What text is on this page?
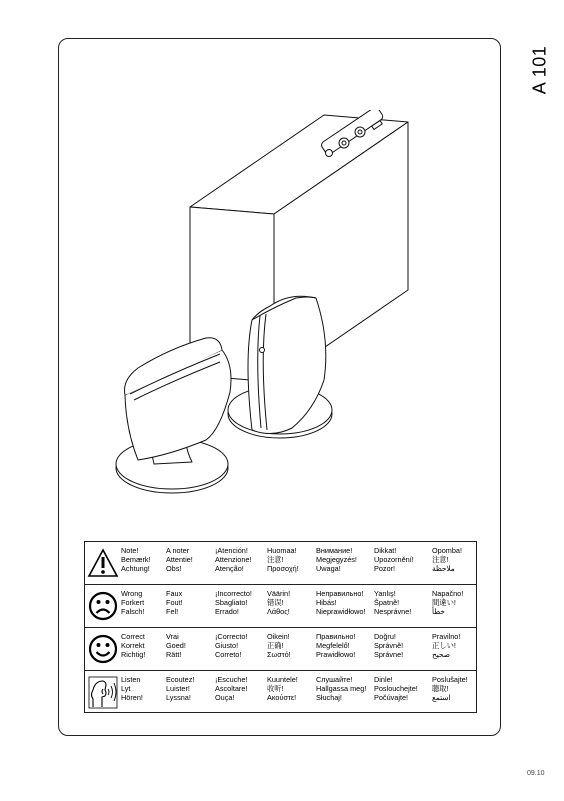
A 101
Note!
Bemærk!
Achtung!
A noter
Attentie!
Obs!
¡Atención!
Attenzione!
Atenção!
Huomaa!
注意!
Προσοχή!
Внимание!
Megjegyzés!
Uwaga!
Dikkat!
Upozornění!
Pozor!
Opomba!
注意!
ملاحظة
Wrong
Forkert
Falsch!
Faux
Fout!
Fel!
¡Incorrecto!
Sbagliato!
Errado!
Väärin!
错误!
Λάθος!
Неправильно!
Hibás!
Nieprawidłowo!
Yanlış!
Špatně!
Nesprávne!
Napačno!
間違い!
خطأ
Correct
Korrekt
Richtig!
Vrai
Goed!
Rätt!
¡Correcto!
Giusto!
Correto!
Oikein!
正确!
Σωστό!
Правильно!
Megfelelő!
Prawidłowo!
Doğru!
Správně!
Správne!
Pravilno!
正しい!
صحيح
Listen
Lyt
Hören!
Ecoutez!
Luister!
Lyssna!
¡Escuche!
Ascoltare!
Ouça!
Kuuntele!
收听!
Ακούστε!
Слушайте!
Hallgassa meg!
Słuchaj!
Dinle!
Poslouchejte!
Počúvajte!
Poslušajte!
聴取!
استمع
09.10
